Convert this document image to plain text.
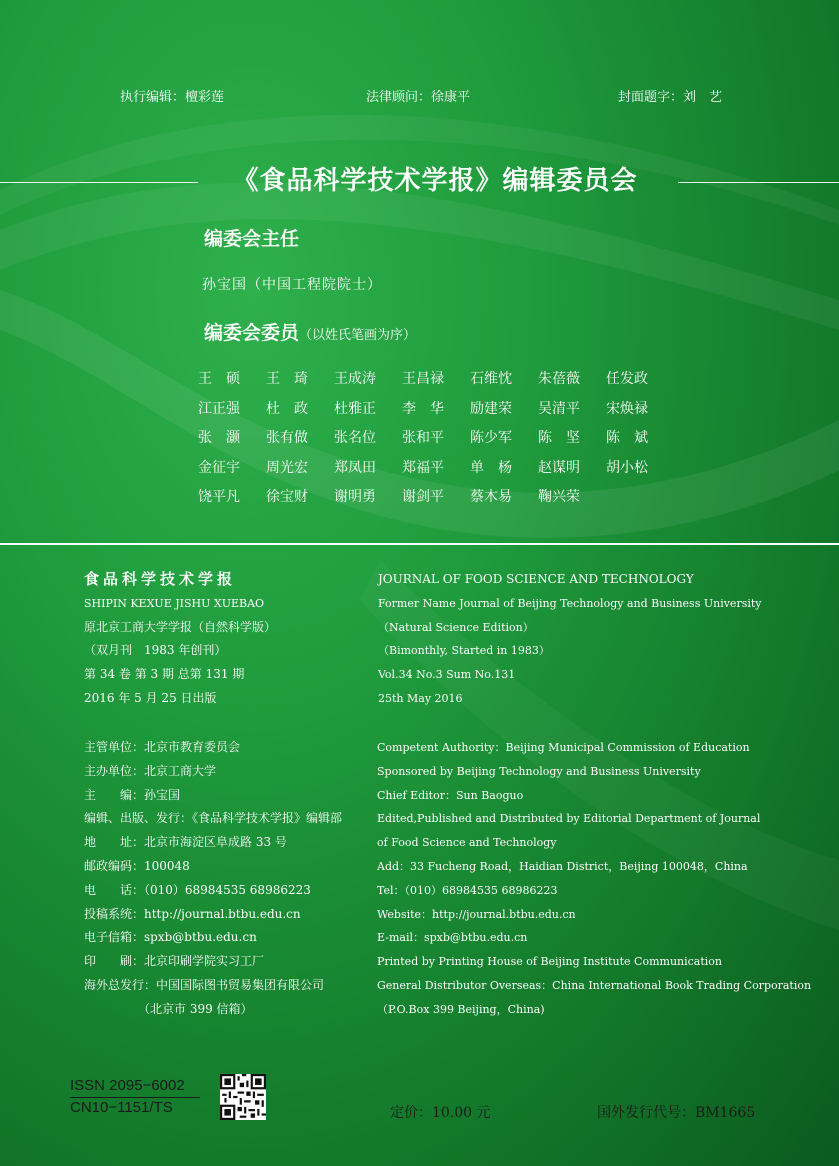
执行编辑：檀彩莲	法律顾问：徐康平	封面题字：刘　艺
《食品科学技术学报》编辑委员会
编委会主任
孙宝国（中国工程院院士）
编委会委员（以姓氏笔画为序）
王　硕	王　琦	王成涛	王昌禄	石维忱	朱蓓薇	任发政
江正强	杜　政	杜雅正	李　华	励建荣	吴清平	宋焕禄
张　灏	张有做	张名位	张和平	陈少军	陈　坚	陈　斌
金征宇	周光宏	郑凤田	郑福平	单　杨	赵谋明	胡小松
饶平凡	徐宝财	谢明勇	谢剑平	蔡木易	鞠兴荣
食品科学技术学报
SHIPIN KEXUE JISHU XUEBAO
原北京工商大学学报（自然科学版）
（双月刊　1983 年创刊）
第 34 卷 第 3 期 总第 131 期
2016 年 5 月 25 日出版
JOURNAL OF FOOD SCIENCE AND TECHNOLOGY
Former Name Journal of Beijing Technology and Business University
（Natural Science Edition）
（Bimonthly, Started in 1983）
Vol.34 No.3 Sum No.131
25th May 2016
主管单位：北京市教育委员会
主办单位：北京工商大学
主　　编：孙宝国
编辑、出版、发行：《食品科学技术学报》编辑部
地　　址：北京市海淀区阜成路 33 号
邮政编码：100048
电　　话：（010）68984535 68986223
投稿系统：http://journal.btbu.edu.cn
电子信箱：spxb@btbu.edu.cn
印　　刷：北京印刷学院实习工厂
海外总发行：中国国际图书贸易集团有限公司
　　　　　（北京市 399 信箱）
Competent Authority：Beijing Municipal Commission of Education
Sponsored by Beijing Technology and Business University
Chief Editor：Sun Baoguo
Edited,Published and Distributed by Editorial Department of Journal
of Food Science and Technology
Add：33 Fucheng Road，Haidian District，Beijing 100048，China
Tel：（010）68984535 68986223
Website：http://journal.btbu.edu.cn
E-mail：spxb@btbu.edu.cn
Printed by Printing House of Beijing Institute Communication
General Distributor Overseas：China International Book Trading Corporation
（P.O.Box 399 Beijing，China)
ISSN 2095−6002
CN10−1151/TS	定价：10.00 元	国外发行代号：BM1665
